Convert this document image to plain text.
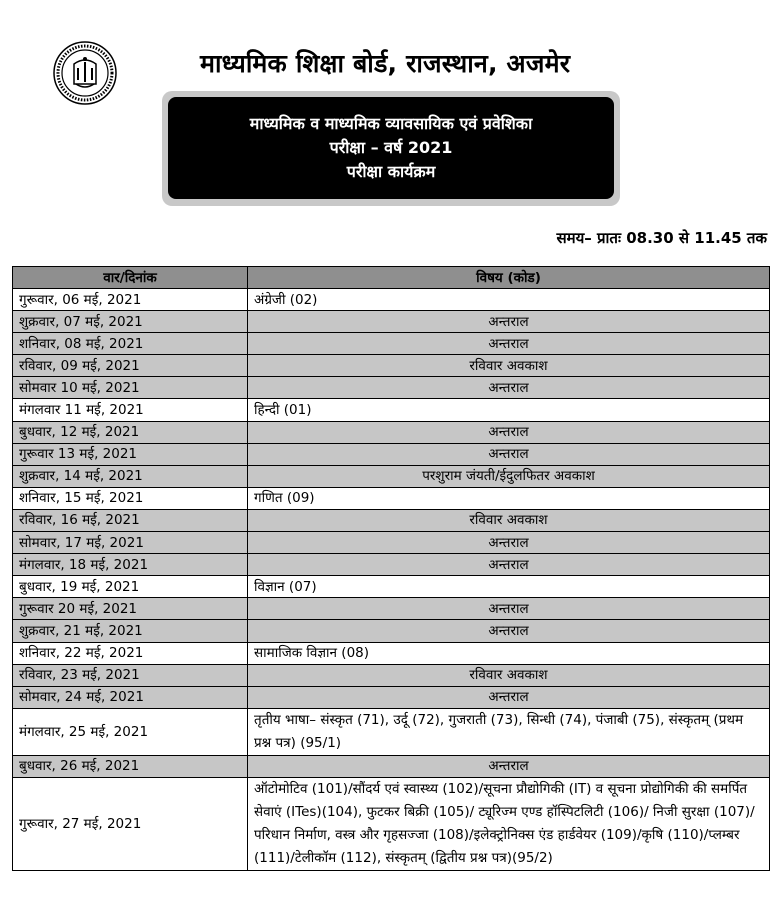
माध्यमिक शिक्षा बोर्ड, राजस्थान, अजमेर
माध्यमिक व माध्यमिक व्यावसायिक एवं प्रवेशिका
परीक्षा – वर्ष 2021
परीक्षा कार्यक्रम
समय– प्रातः 08.30 से 11.45 तक
वार/दिनांक	विषय (कोड)
गुरूवार, 06 मई, 2021	अंग्रेजी (02)
शुक्रवार, 07 मई, 2021	अन्तराल
शनिवार, 08 मई, 2021	अन्तराल
रविवार, 09 मई, 2021	रविवार अवकाश
सोमवार 10 मई, 2021	अन्तराल
मंगलवार 11 मई, 2021	हिन्दी (01)
बुधवार, 12 मई, 2021	अन्तराल
गुरूवार 13 मई, 2021	अन्तराल
शुक्रवार, 14 मई, 2021	परशुराम जंयती/ईदुलफितर अवकाश
शनिवार, 15 मई, 2021	गणित (09)
रविवार, 16 मई, 2021	रविवार अवकाश
सोमवार, 17 मई, 2021	अन्तराल
मंगलवार, 18 मई, 2021	अन्तराल
बुधवार, 19 मई, 2021	विज्ञान (07)
गुरूवार 20 मई, 2021	अन्तराल
शुक्रवार, 21 मई, 2021	अन्तराल
शनिवार, 22 मई, 2021	सामाजिक विज्ञान (08)
रविवार, 23 मई, 2021	रविवार अवकाश
सोमवार, 24 मई, 2021	अन्तराल
मंगलवार, 25 मई, 2021	तृतीय भाषा– संस्कृत (71), उर्दू (72), गुजराती (73), सिन्धी (74), पंजाबी (75), संस्कृतम् (प्रथम प्रश्न पत्र) (95/1)
बुधवार, 26 मई, 2021	अन्तराल
गुरूवार, 27 मई, 2021	ऑटोमोटिव (101)/सौंदर्य एवं स्वास्थ्य (102)/सूचना प्रौद्योगिकी (IT) व सूचना प्रोद्योगिकी की समर्पित सेवाएं (ITes)(104), फुटकर बिक्री (105)/ ट्यूरिज्म एण्ड हॉस्पिटलिटी (106)/ निजी सुरक्षा (107)/परिधान निर्माण, वस्त्र और गृहसज्जा (108)/इलेक्ट्रोनिक्स एंड हार्डवेयर (109)/कृषि (110)/प्लम्बर (111)/टेलीकॉम (112), संस्कृतम् (द्वितीय प्रश्न पत्र)(95/2)
